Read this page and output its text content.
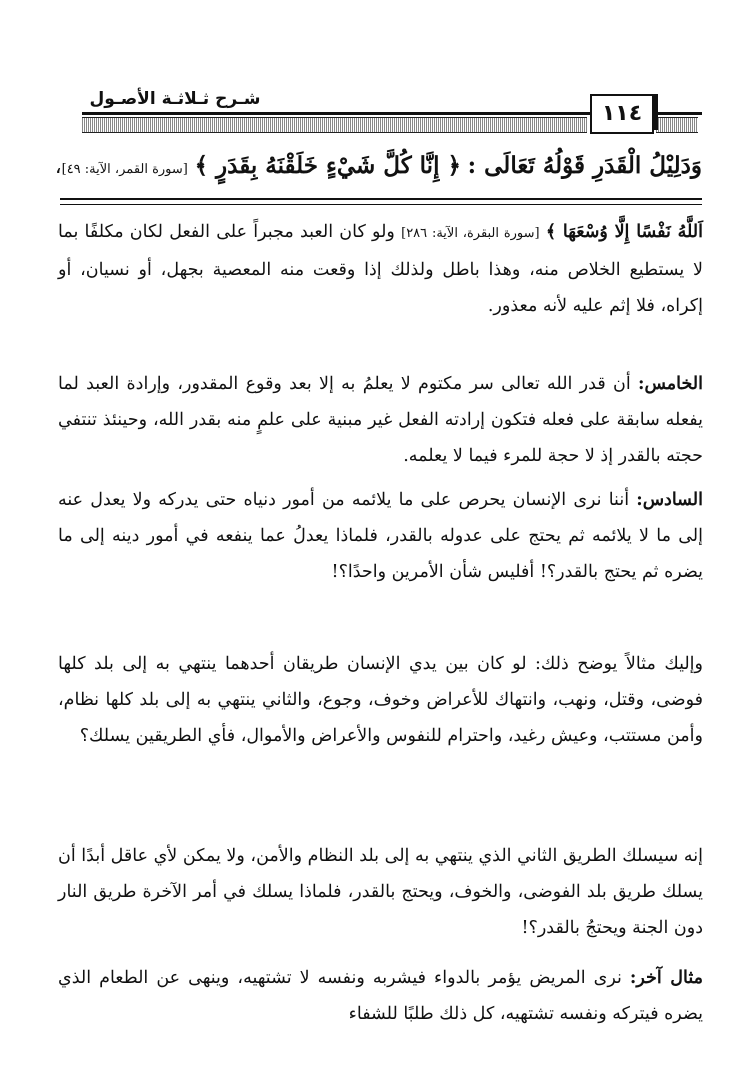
شـرح ثـلاثـة الأصـول
١١٤
وَدَلِيْلُ الْقَدَرِ قَوْلُهُ تَعَالَى : ﴿ إِنَّا كُلَّ شَيْءٍ خَلَقْنَهُ بِقَدَرٍ ﴾ [سورة القمر، الآية: ٤٩]،
اَللَّهُ نَفْسًا إِلَّا وُسْعَهَا ﴾ [سورة البقرة، الآية: ٢٨٦] ولو كان العبد مجبراً على الفعل لكان مكلفًا بما لا يستطيع الخلاص منه، وهذا باطل ولذلك إذا وقعت منه المعصية بجهل، أو نسيان، أو إكراه، فلا إثم عليه لأنه معذور.
الخامس: أن قدر الله تعالى سر مكتوم لا يعلمُ به إلا بعد وقوع المقدور، وإرادة العبد لما يفعله سابقة على فعله فتكون إرادته الفعل غير مبنية على علمٍ منه بقدر الله، وحينئذ تنتفي حجته بالقدر إذ لا حجة للمرء فيما لا يعلمه.
السادس: أننا نرى الإنسان يحرص على ما يلائمه من أمور دنياه حتى يدركه ولا يعدل عنه إلى ما لا يلائمه ثم يحتج على عدوله بالقدر، فلماذا يعدلُ عما ينفعه في أمور دينه إلى ما يضره ثم يحتج بالقدر؟! أفليس شأن الأمرين واحدًا؟!
وإليك مثالاً يوضح ذلك: لو كان بين يدي الإنسان طريقان أحدهما ينتهي به إلى بلد كلها فوضى، وقتل، ونهب، وانتهاك للأعراض وخوف، وجوع، والثاني ينتهي به إلى بلد كلها نظام، وأمن مستتب، وعيش رغيد، واحترام للنفوس والأعراض والأموال، فأي الطريقين يسلك؟
إنه سيسلك الطريق الثاني الذي ينتهي به إلى بلد النظام والأمن، ولا يمكن لأي عاقل أبدًا أن يسلك طريق بلد الفوضى، والخوف، ويحتج بالقدر، فلماذا يسلك في أمر الآخرة طريق النار دون الجنة ويحتجُ بالقدر؟!
مثال آخر: نرى المريض يؤمر بالدواء فيشربه ونفسه لا تشتهيه، وينهى عن الطعام الذي يضره فيتركه ونفسه تشتهيه، كل ذلك طلبًا للشفاء
